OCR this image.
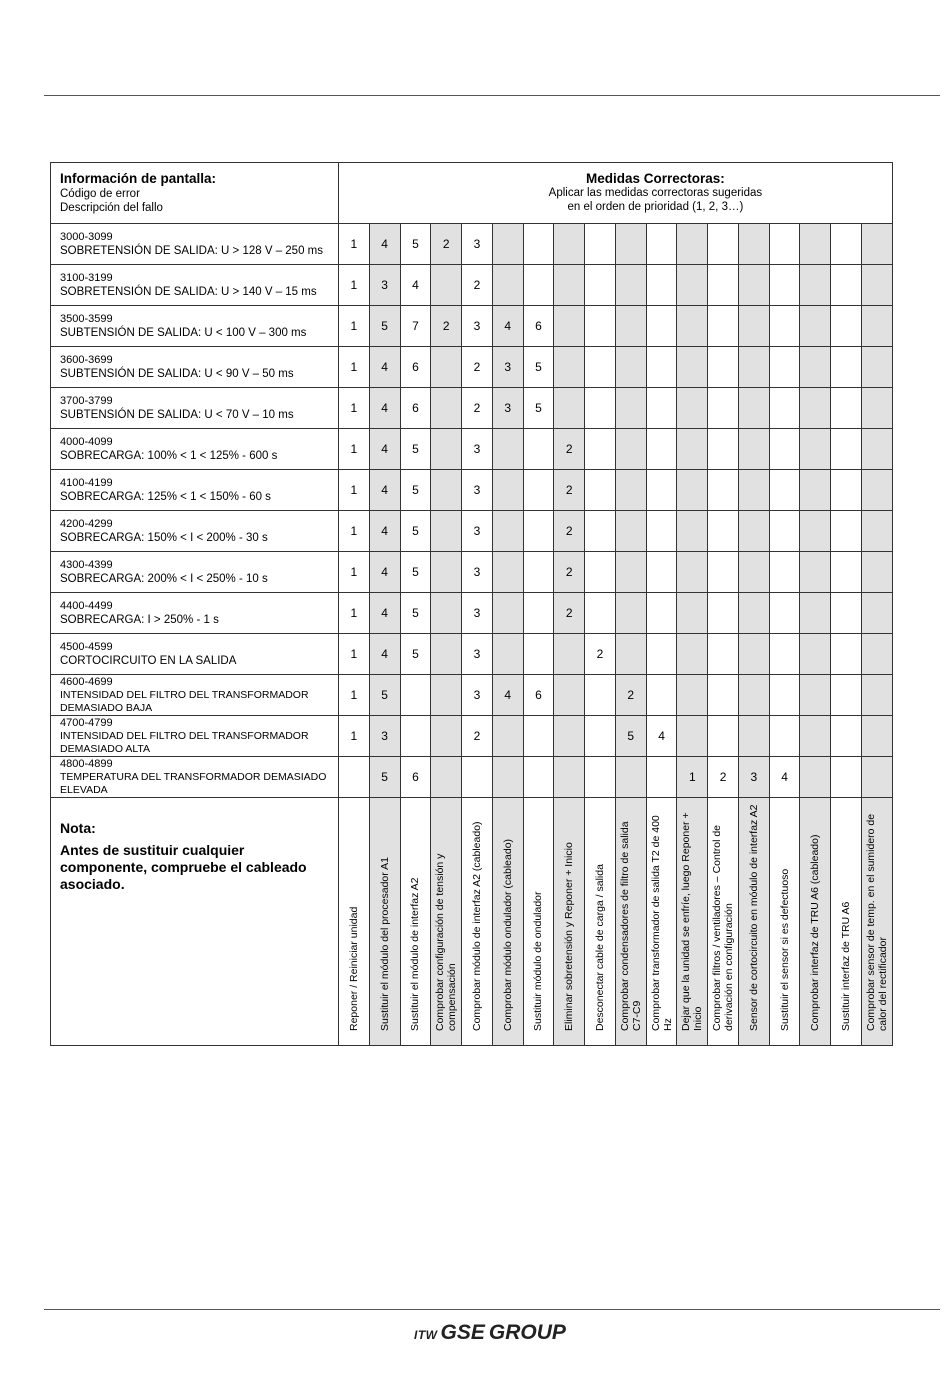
Información de pantalla:
Código de error
Descripción del fallo	Medidas Correctoras:
Aplicar las medidas correctoras sugeridas
en el orden de prioridad (1, 2, 3…)																	

3000-3099
SOBRETENSIÓN DE SALIDA: U > 128 V – 250 ms	1	4	5	2	3													

3100-3199
SOBRETENSIÓN DE SALIDA: U > 140 V – 15 ms	1	3	4		2													

3500-3599
SUBTENSIÓN DE SALIDA: U < 100 V – 300 ms	1	5	7	2	3	4	6											

3600-3699
SUBTENSIÓN DE SALIDA: U < 90 V – 50 ms	1	4	6		2	3	5											

3700-3799
SUBTENSIÓN DE SALIDA: U < 70 V – 10 ms	1	4	6		2	3	5											

4000-4099
SOBRECARGA: 100% < 1 < 125% - 600 s	1	4	5		3			2										

4100-4199
SOBRECARGA: 125% < 1 < 150% - 60 s	1	4	5		3			2										

4200-4299
SOBRECARGA: 150% < I < 200% - 30 s	1	4	5		3			2										

4300-4399
SOBRECARGA: 200% < I < 250% - 10 s	1	4	5		3			2										

4400-4499
SOBRECARGA: I > 250% - 1 s	1	4	5		3			2										

4500-4599
CORTOCIRCUITO EN LA SALIDA	1	4	5		3				2									

4600-4699
INTENSIDAD DEL FILTRO DEL TRANSFORMADOR DEMASIADO BAJA	1	5			3	4	6			2								

4700-4799
INTENSIDAD DEL FILTRO DEL TRANSFORMADOR DEMASIADO ALTA	1	3			2					5	4							

4800-4899
TEMPERATURA DEL TRANSFORMADOR DEMASIADO ELEVADA		5	6									1	2	3	4			

Nota:
Antes de sustituir cualquier componente, compruebe el cableado asociado.	Reponer / Reiniciar unidad	Sustituir el módulo del procesador A1	Sustituir el módulo de interfaz A2	Comprobar configuración de tensión y compensación	Comprobar módulo de interfaz A2 (cableado)	Comprobar módulo ondulador (cableado)	Sustituir módulo de ondulador	Eliminar sobretensión y Reponer + Inicio	Desconectar cable de carga / salida	Comprobar condensadores de filtro de salida C7-C9	Comprobar transformador de salida T2 de 400 Hz	Dejar que la unidad se enfríe, luego Reponer + Inicio	Comprobar filtros / ventiladores – Control de derivación en configuración	Sensor de cortocircuito en módulo de interfaz A2	Sustituir el sensor si es defectuoso	Comprobar interfaz de TRU A6 (cableado)	Sustituir interfaz de TRU A6	Comprobar sensor de temp. en el sumidero de calor del rectificador
ITW GSE GROUP
